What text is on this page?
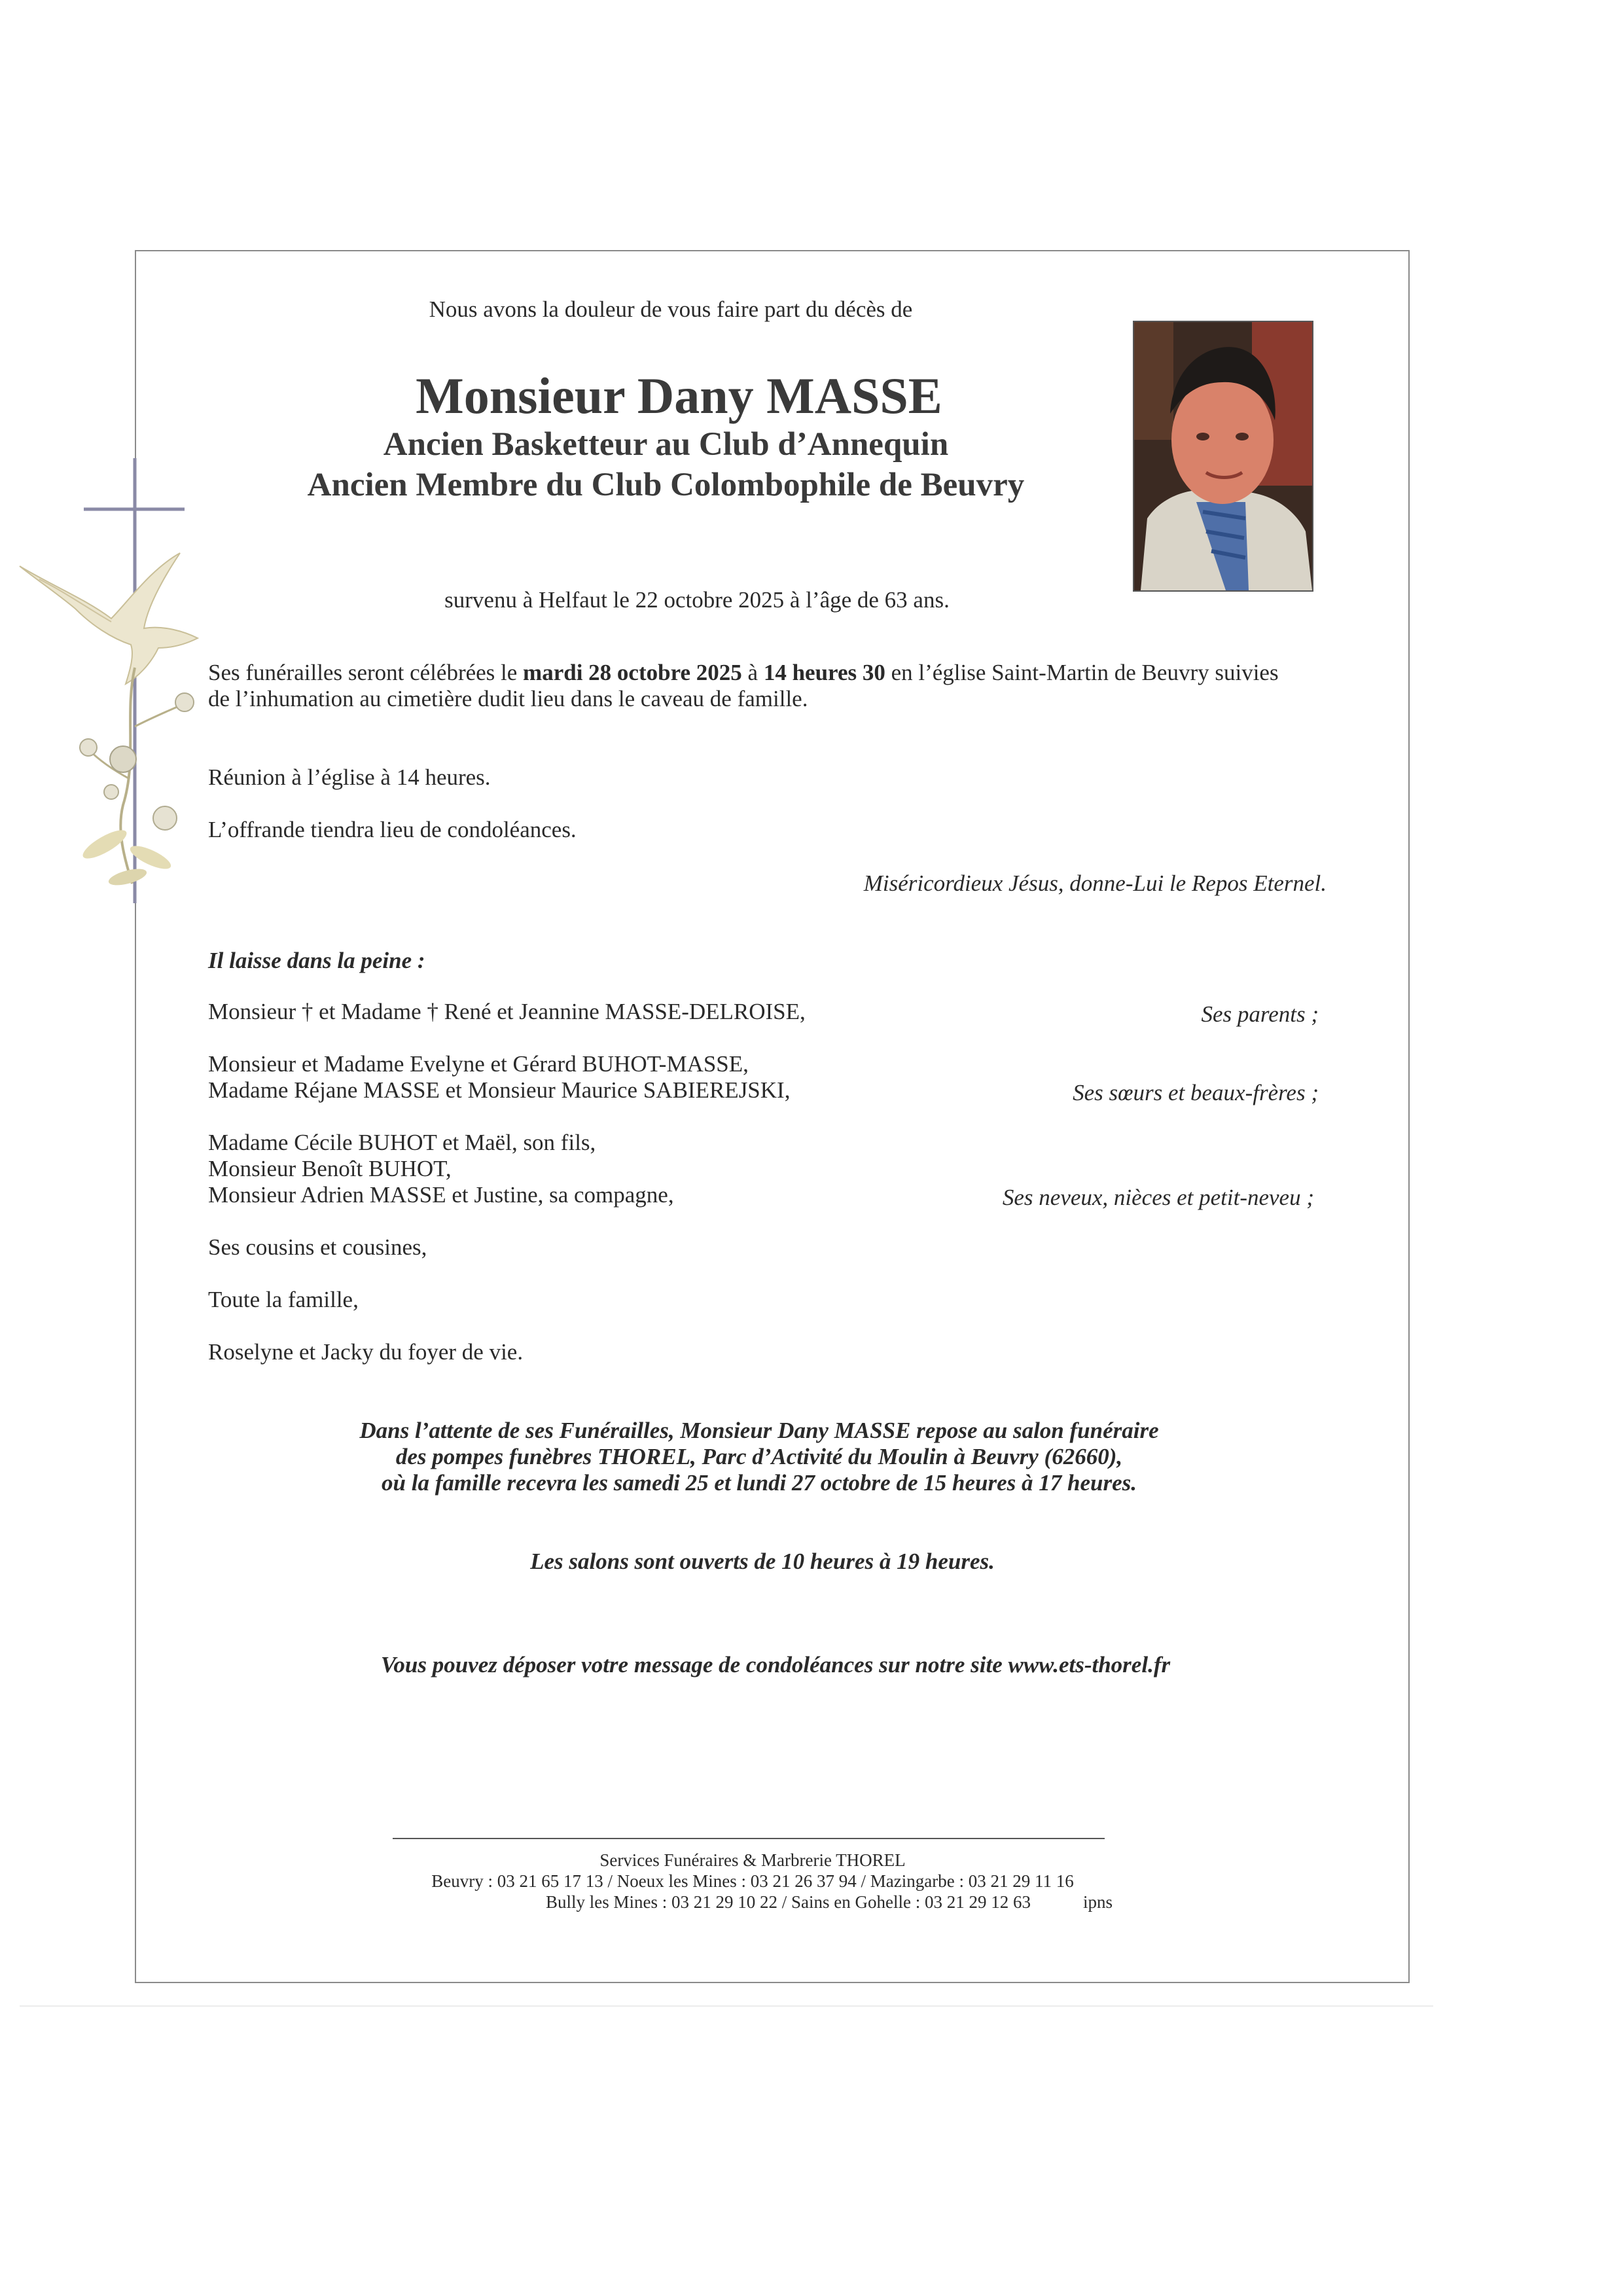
Nous avons la douleur de vous faire part du décès de
Monsieur Dany MASSE
Ancien Basketteur au Club d’Annequin
Ancien Membre du Club Colombophile de Beuvry
survenu à Helfaut le 22 octobre 2025 à l’âge de 63 ans.
Ses funérailles seront célébrées le mardi 28 octobre 2025 à 14 heures 30 en l’église Saint-Martin de Beuvry suivies
de l’inhumation au cimetière dudit lieu dans le caveau de famille.
Réunion à l’église à 14 heures.
L’offrande tiendra lieu de condoléances.
Miséricordieux Jésus, donne-Lui le Repos Eternel.
Il laisse dans la peine :
Monsieur † et Madame † René et Jeannine MASSE-DELROISE,	Ses parents ;
Monsieur et Madame Evelyne et Gérard BUHOT-MASSE,
Madame Réjane MASSE et Monsieur Maurice SABIEREJSKI,	Ses sœurs et beaux-frères ;
Madame Cécile BUHOT et Maël, son fils,
Monsieur Benoît BUHOT,
Monsieur Adrien MASSE et Justine, sa compagne,	Ses neveux, nièces et petit-neveu ;
Ses cousins et cousines,
Toute la famille,
Roselyne et Jacky du foyer de vie.
Dans l’attente de ses Funérailles, Monsieur Dany MASSE repose au salon funéraire
des pompes funèbres THOREL, Parc d’Activité du Moulin à Beuvry (62660),
où la famille recevra les samedi 25 et lundi 27 octobre de 15 heures à 17 heures.
Les salons sont ouverts de 10 heures à 19 heures.
Vous pouvez déposer votre message de condoléances sur notre site www.ets-thorel.fr
Services Funéraires & Marbrerie THOREL
Beuvry : 03 21 65 17 13 / Noeux les Mines : 03 21 26 37 94 / Mazingarbe : 03 21 29 11 16
Bully les Mines : 03 21 29 10 22 / Sains en Gohelle : 03 21 29 12 63	ipns
